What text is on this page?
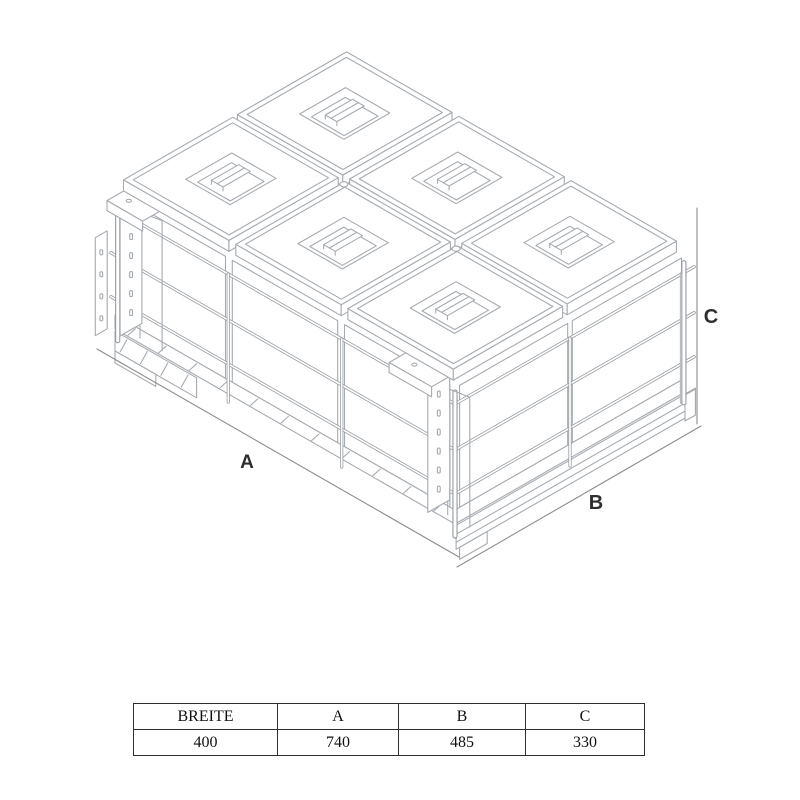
A
B
C
BREITE	A	B	C
400	740	485	330
